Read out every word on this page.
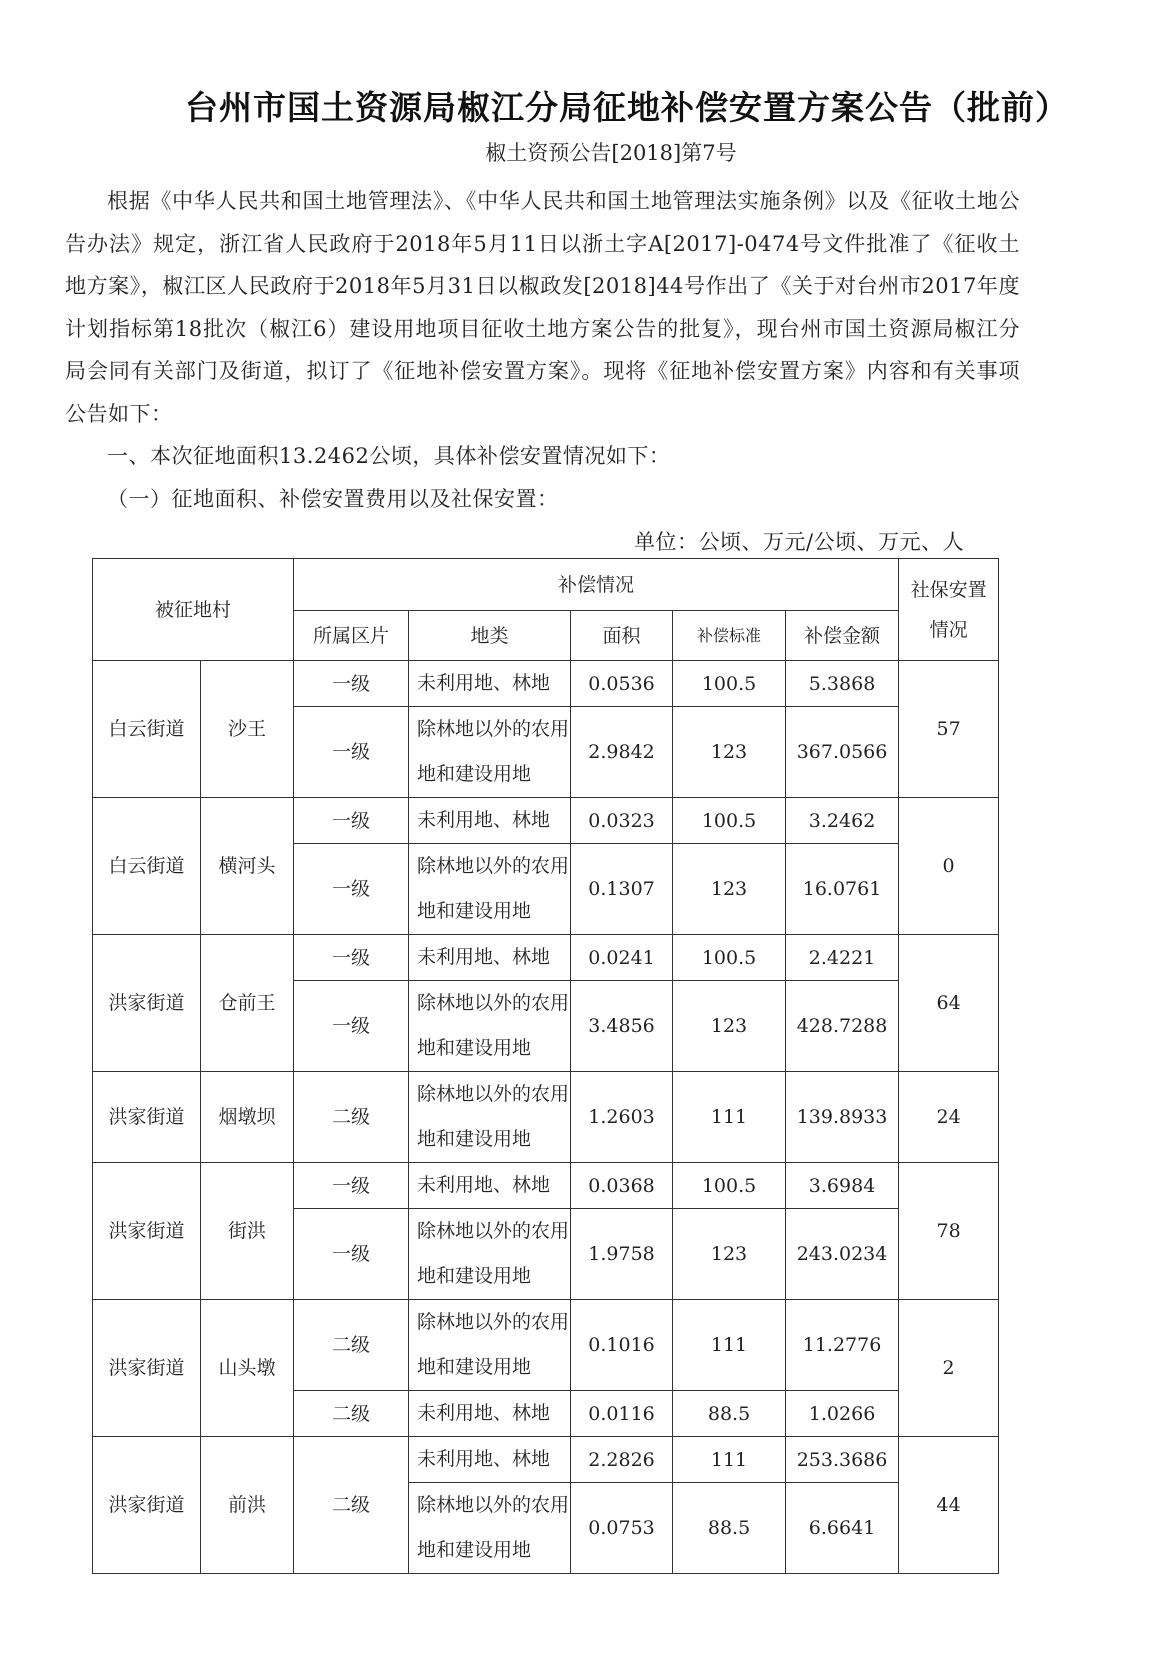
台州市国土资源局椒江分局征地补偿安置方案公告（批前）
椒土资预公告[2018]第7号
根据《中华人民共和国土地管理法》、《中华人民共和国土地管理法实施条例》以及《征收土地公告办法》规定，浙江省人民政府于2018年5月11日以浙土字A[2017]-0474号文件批准了《征收土地方案》，椒江区人民政府于2018年5月31日以椒政发[2018]44号作出了《关于对台州市2017年度计划指标第18批次（椒江6）建设用地项目征收土地方案公告的批复》，现台州市国土资源局椒江分局会同有关部门及街道，拟订了《征地补偿安置方案》。现将《征地补偿安置方案》内容和有关事项公告如下：
一、本次征地面积13.2462公顷，具体补偿安置情况如下：
（一）征地面积、补偿安置费用以及社保安置：
单位：公顷、万元/公顷、万元、人
被征地村		补偿情况					社保安置情况
		所属区片	地类	面积	补偿标准	补偿金额	
白云街道	沙王	一级	未利用地、林地	0.0536	100.5	5.3868	57
		一级	除林地以外的农用地和建设用地	2.9842	123	367.0566	
白云街道	横河头	一级	未利用地、林地	0.0323	100.5	3.2462	0
		一级	除林地以外的农用地和建设用地	0.1307	123	16.0761	
洪家街道	仓前王	一级	未利用地、林地	0.0241	100.5	2.4221	64
		一级	除林地以外的农用地和建设用地	3.4856	123	428.7288	
洪家街道	烟墩坝	二级	除林地以外的农用地和建设用地	1.2603	111	139.8933	24
洪家街道	街洪	一级	未利用地、林地	0.0368	100.5	3.6984	78
		一级	除林地以外的农用地和建设用地	1.9758	123	243.0234	
洪家街道	山头墩	二级	除林地以外的农用地和建设用地	0.1016	111	11.2776	2
		二级	未利用地、林地	0.0116	88.5	1.0266	
洪家街道	前洪	二级	未利用地、林地	2.2826	111	253.3686	44
			除林地以外的农用地和建设用地	0.0753	88.5	6.6641	
